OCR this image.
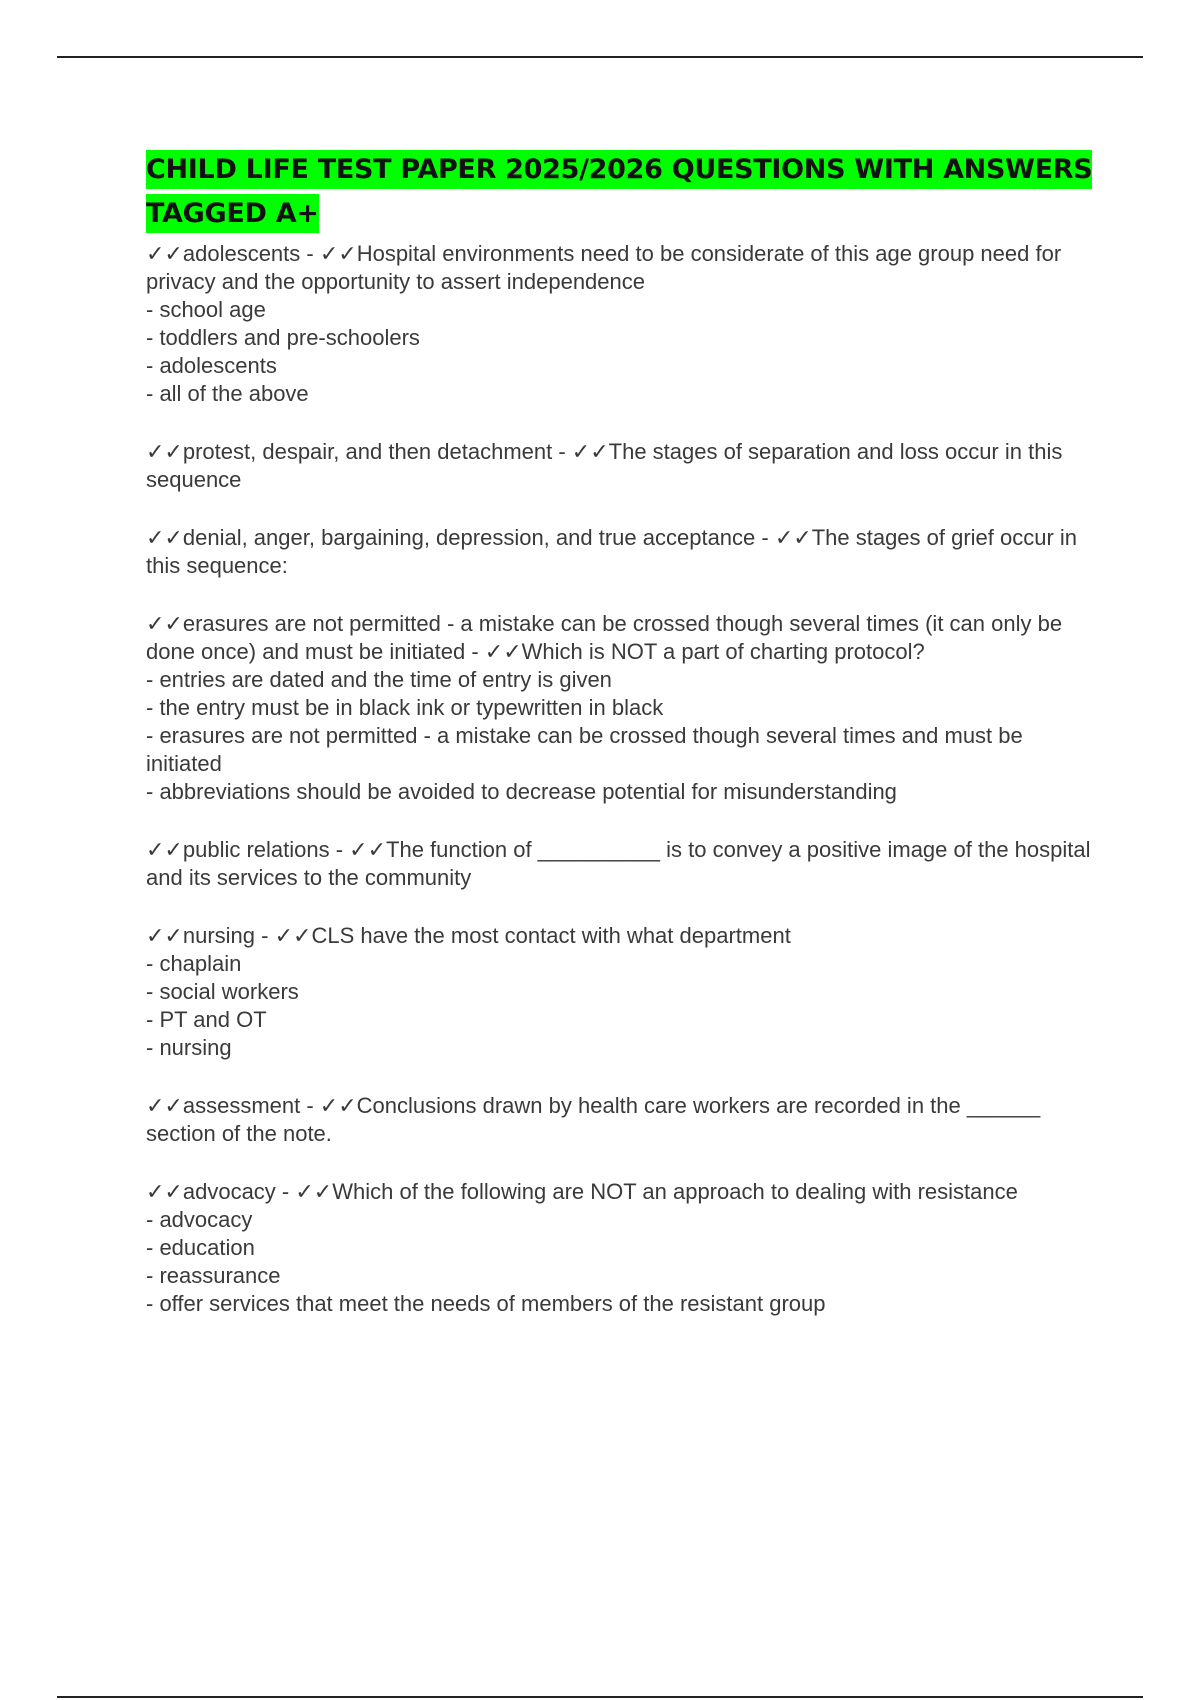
CHILD LIFE TEST PAPER 2025/2026 QUESTIONS WITH ANSWERS TAGGED A+

✓✓adolescents - ✓✓Hospital environments need to be considerate of this age group need for privacy and the opportunity to assert independence
- school age
- toddlers and pre-schoolers
- adolescents
- all of the above

✓✓protest, despair, and then detachment - ✓✓The stages of separation and loss occur in this sequence

✓✓denial, anger, bargaining, depression, and true acceptance - ✓✓The stages of grief occur in this sequence:

✓✓erasures are not permitted - a mistake can be crossed though several times (it can only be done once) and must be initiated - ✓✓Which is NOT a part of charting protocol?
- entries are dated and the time of entry is given
- the entry must be in black ink or typewritten in black
- erasures are not permitted - a mistake can be crossed though several times and must be initiated
- abbreviations should be avoided to decrease potential for misunderstanding

✓✓public relations - ✓✓The function of __________ is to convey a positive image of the hospital and its services to the community

✓✓nursing - ✓✓CLS have the most contact with what department
- chaplain
- social workers
- PT and OT
- nursing

✓✓assessment - ✓✓Conclusions drawn by health care workers are recorded in the ______ section of the note.

✓✓advocacy - ✓✓Which of the following are NOT an approach to dealing with resistance
- advocacy
- education
- reassurance
- offer services that meet the needs of members of the resistant group
